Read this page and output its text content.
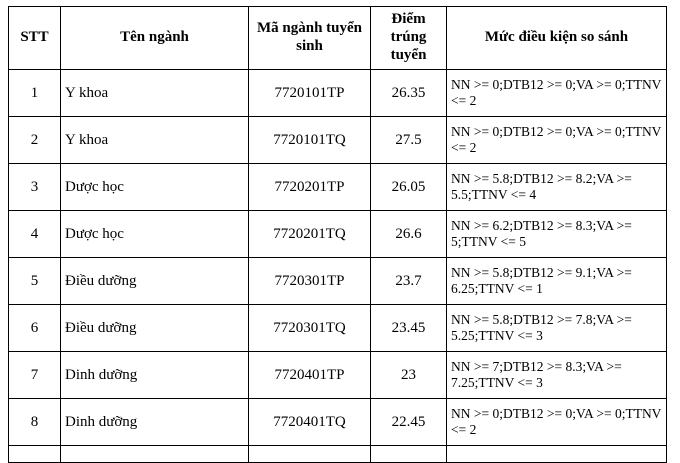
STT	Tên ngành	Mã ngành tuyển sinh	Điểm trúng tuyển	Mức điều kiện so sánh
1	Y khoa	7720101TP	26.35	NN >= 0;DTB12 >= 0;VA >= 0;TTNV <= 2
2	Y khoa	7720101TQ	27.5	NN >= 0;DTB12 >= 0;VA >= 0;TTNV <= 2
3	Dược học	7720201TP	26.05	NN >= 5.8;DTB12 >= 8.2;VA >= 5.5;TTNV <= 4
4	Dược học	7720201TQ	26.6	NN >= 6.2;DTB12 >= 8.3;VA >= 5;TTNV <= 5
5	Điều dưỡng	7720301TP	23.7	NN >= 5.8;DTB12 >= 9.1;VA >= 6.25;TTNV <= 1
6	Điều dưỡng	7720301TQ	23.45	NN >= 5.8;DTB12 >= 7.8;VA >= 5.25;TTNV <= 3
7	Dinh dưỡng	7720401TP	23	NN >= 7;DTB12 >= 8.3;VA >= 7.25;TTNV <= 3
8	Dinh dưỡng	7720401TQ	22.45	NN >= 0;DTB12 >= 0;VA >= 0;TTNV <= 2
